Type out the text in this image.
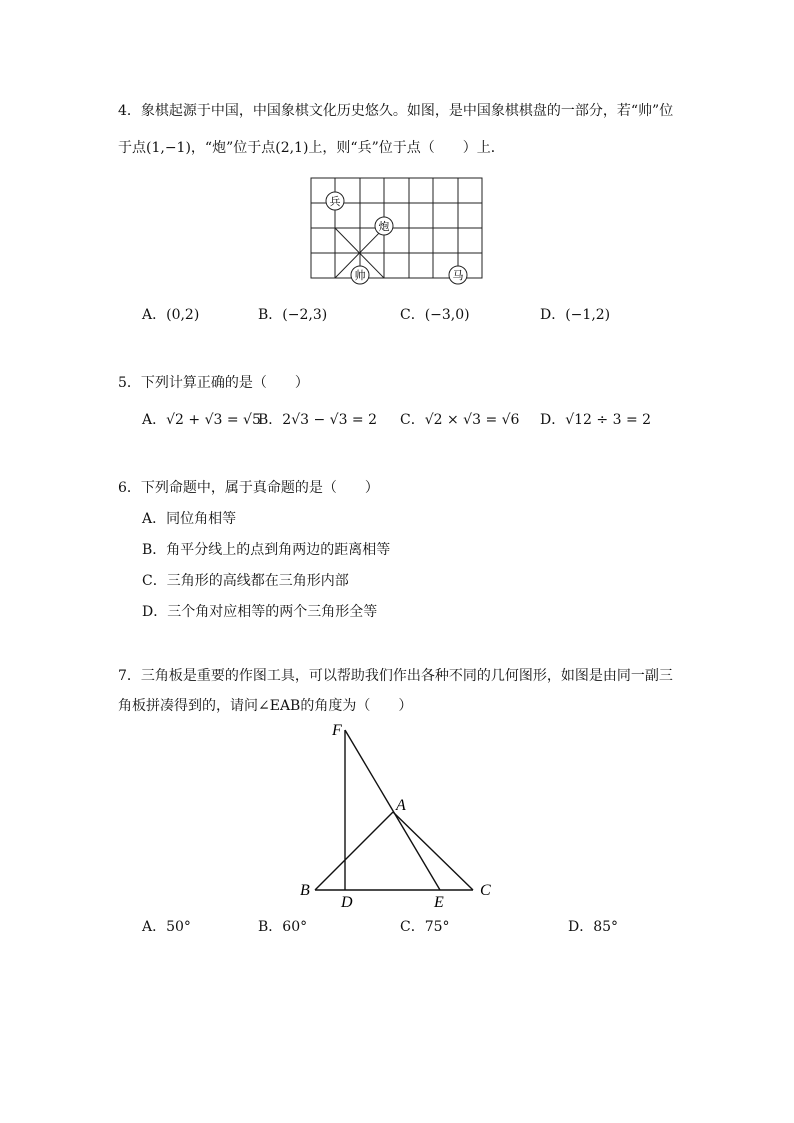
4．象棋起源于中国，中国象棋文化历史悠久。如图，是中国象棋棋盘的一部分，若“帅”位
于点(1,−1)，“炮”位于点(2,1)上，则“兵”位于点（　　）上．
兵
炮
帅	马
A．(0,2)	B．(−2,3)	C．(−3,0)	D．(−1,2)
5．下列计算正确的是（　　）
A．√2 + √3 = √5
B．2√3 − √3 = 2 C．√2 × √3 = √6 D．√12 ÷ 3 = 2
6．下列命题中，属于真命题的是（　　）
A．同位角相等
B．角平分线上的点到角两边的距离相等
C．三角形的高线都在三角形内部
D．三个角对应相等的两个三角形全等
7．三角板是重要的作图工具，可以帮助我们作出各种不同的几何图形，如图是由同一副三
角板拼凑得到的，请问∠EAB的角度为（　　）
F
A
B
D	E
C
A．50°	B．60°	C．75°	D．85°
